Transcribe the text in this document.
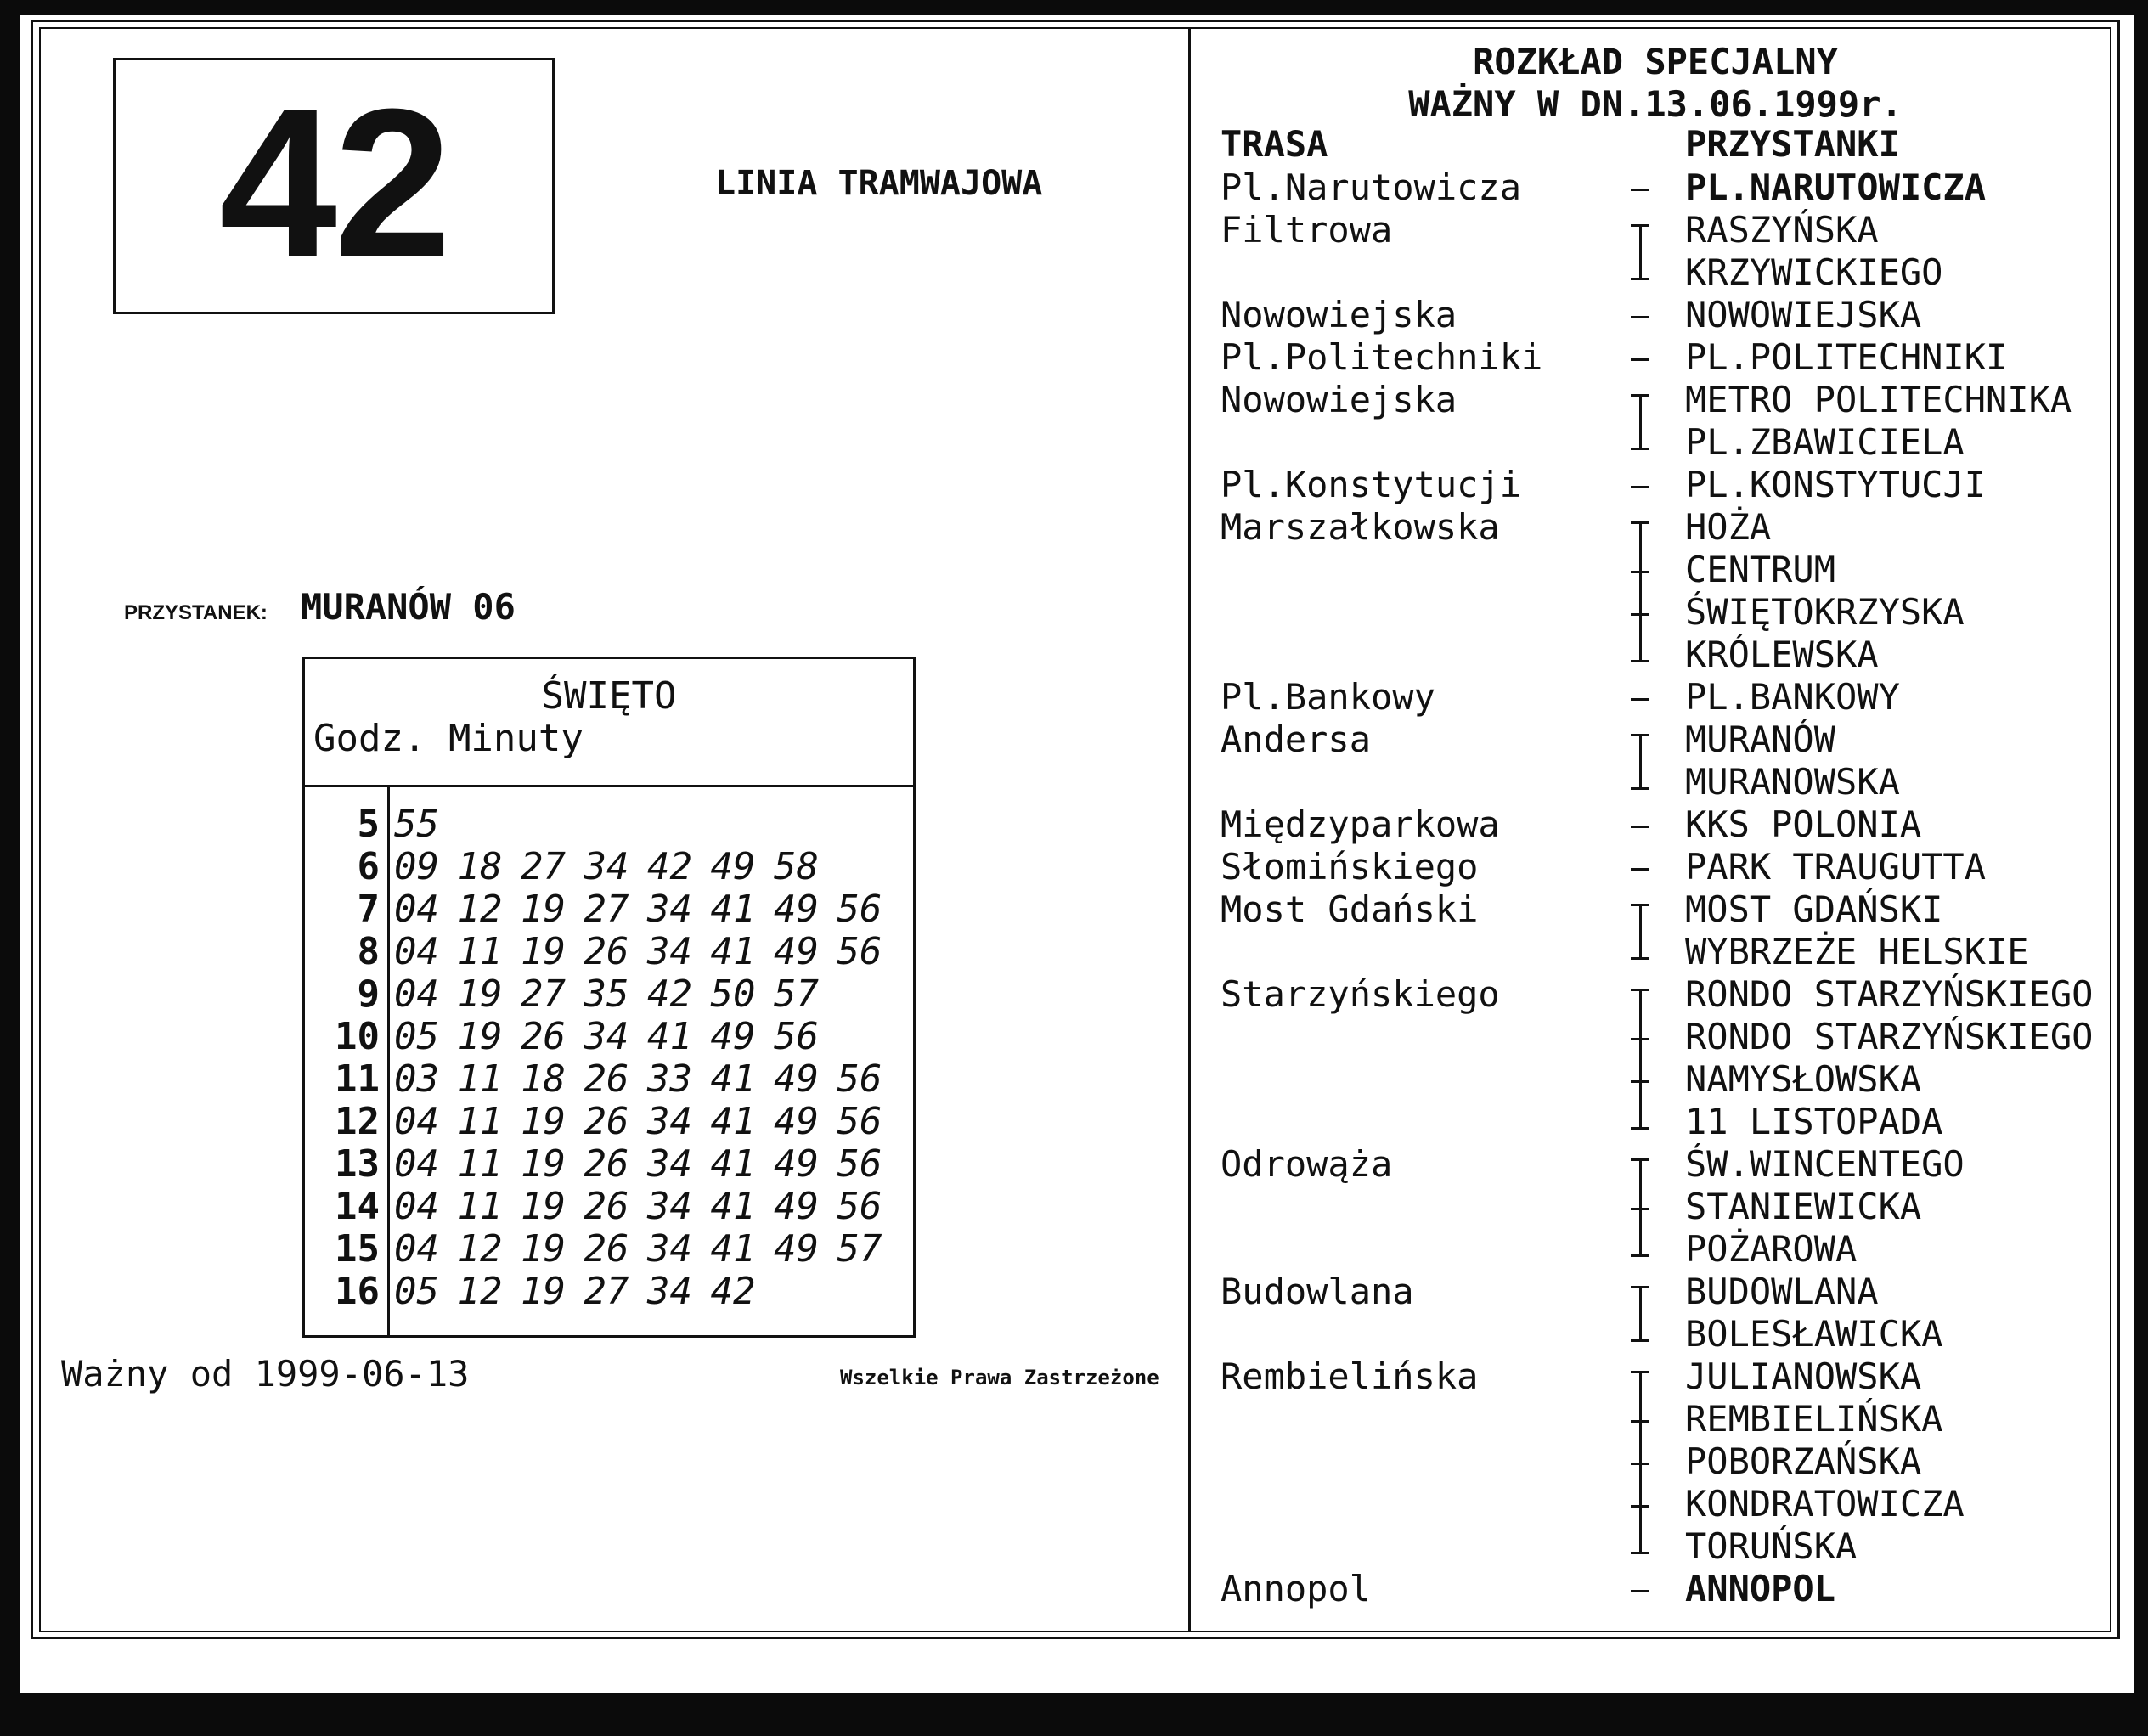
42	LINIA TRAMWAJOWA
PRZYSTANEK: MURANÓW 06
ŚWIĘTO
Godz. Minuty
5 55
6 09 18 27 34 42 49 58
7 04 12 19 27 34 41 49 56
8 04 11 19 26 34 41 49 56
9 04 19 27 35 42 50 57
10 05 19 26 34 41 49 56
11 03 11 18 26 33 41 49 56
12 04 11 19 26 34 41 49 56
13 04 11 19 26 34 41 49 56
14 04 11 19 26 34 41 49 56
15 04 12 19 26 34 41 49 57
16 05 12 19 27 34 42
Ważny od 1999-06-13	Wszelkie Prawa Zastrzeżone
ROZKŁAD SPECJALNY
WAŻNY W DN.13.06.1999r.
TRASA	PRZYSTANKI
Pl.Narutowicza	PL.NARUTOWICZA
Filtrowa	RASZYŃSKA
KRZYWICKIEGO
Nowowiejska	NOWOWIEJSKA
Pl.Politechniki	PL.POLITECHNIKI
Nowowiejska	METRO POLITECHNIKA
PL.ZBAWICIELA
Pl.Konstytucji	PL.KONSTYTUCJI
Marszałkowska	HOŻA
CENTRUM
ŚWIĘTOKRZYSKA
KRÓLEWSKA
Pl.Bankowy	PL.BANKOWY
Andersa	MURANÓW
MURANOWSKA
Międzyparkowa	KKS POLONIA
Słomińskiego	PARK TRAUGUTTA
Most Gdański	MOST GDAŃSKI
WYBRZEŻE HELSKIE
Starzyńskiego	RONDO STARZYŃSKIEGO
RONDO STARZYŃSKIEGO
NAMYSŁOWSKA
11 LISTOPADA
Odrowąża	ŚW.WINCENTEGO
STANIEWICKA
POŻAROWA
Budowlana	BUDOWLANA
BOLESŁAWICKA
Rembielińska	JULIANOWSKA
REMBIELIŃSKA
POBORZAŃSKA
KONDRATOWICZA
TORUŃSKA
Annopol	ANNOPOL
